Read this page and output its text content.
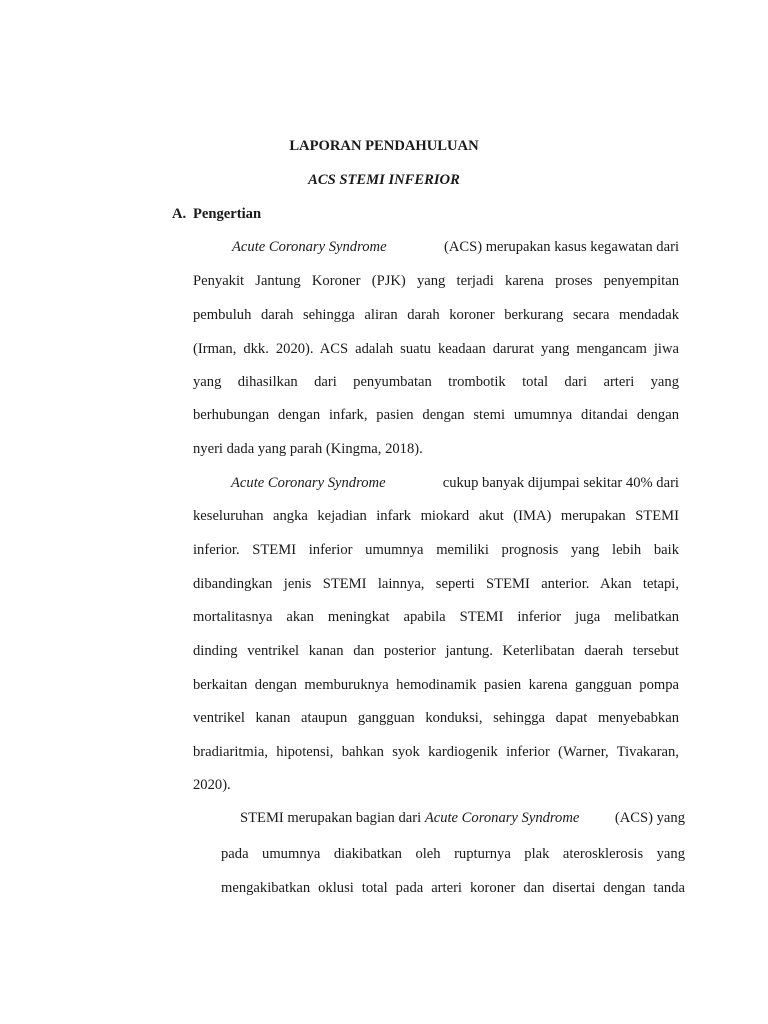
LAPORAN PENDAHULUAN
ACS STEMI INFERIOR
A. Pengertian
Acute Coronary Syndrome	(ACS) merupakan kasus kegawatan dari
Penyakit Jantung Koroner (PJK) yang terjadi karena proses penyempitan
pembuluh darah sehingga aliran darah koroner berkurang secara mendadak
(Irman, dkk. 2020). ACS adalah suatu keadaan darurat yang mengancam jiwa
yang dihasilkan dari penyumbatan trombotik total dari arteri yang
berhubungan dengan infark, pasien dengan stemi umumnya ditandai dengan
nyeri dada yang parah (Kingma, 2018).
Acute Coronary Syndrome	cukup banyak dijumpai sekitar 40% dari
keseluruhan angka kejadian infark miokard akut (IMA) merupakan STEMI
inferior. STEMI inferior umumnya memiliki prognosis yang lebih baik
dibandingkan jenis STEMI lainnya, seperti STEMI anterior. Akan tetapi,
mortalitasnya akan meningkat apabila STEMI inferior juga melibatkan
dinding ventrikel kanan dan posterior jantung. Keterlibatan daerah tersebut
berkaitan dengan memburuknya hemodinamik pasien karena gangguan pompa
ventrikel kanan ataupun gangguan konduksi, sehingga dapat menyebabkan
bradiaritmia, hipotensi, bahkan syok kardiogenik inferior (Warner, Tivakaran,
2020).
STEMI merupakan bagian dari Acute Coronary Syndrome (ACS) yang
pada umumnya diakibatkan oleh rupturnya plak aterosklerosis yang
mengakibatkan oklusi total pada arteri koroner dan disertai dengan tanda
